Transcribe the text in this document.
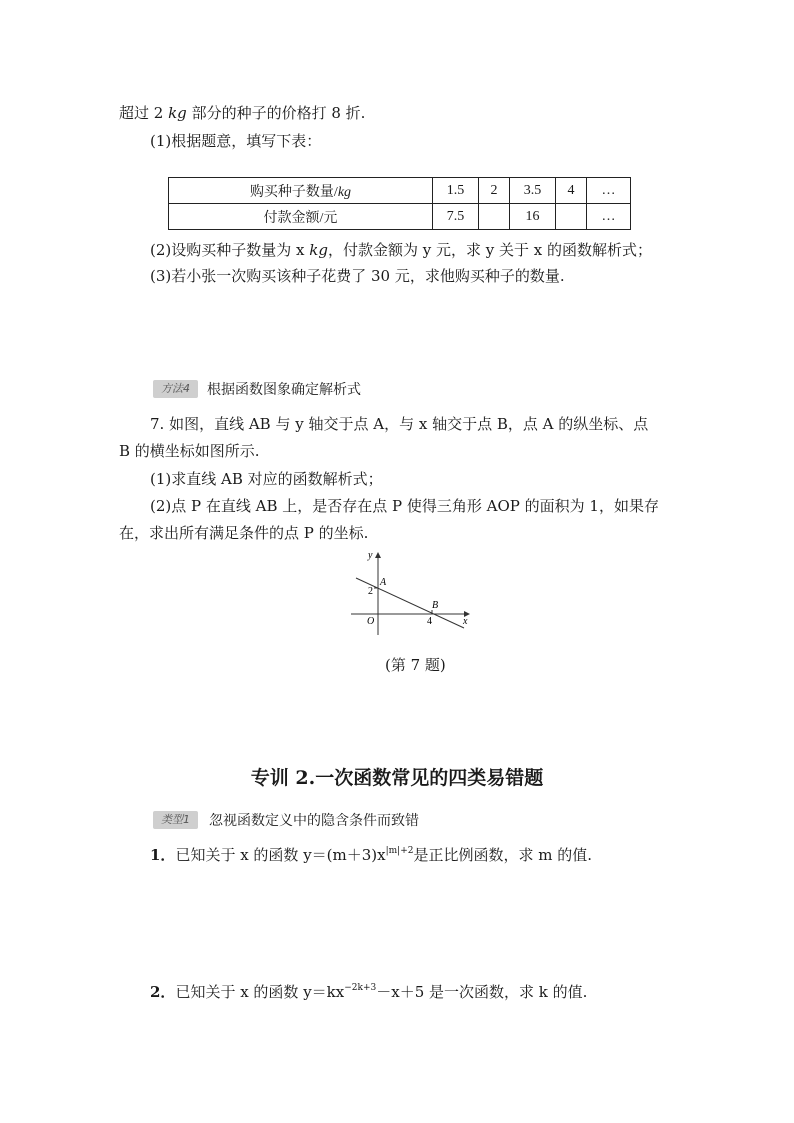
超过 2 kg 部分的种子的价格打 8 折.
(1)根据题意，填写下表：
购买种子数量/kg	1.5	2	3.5	4	…
付款金额/元	7.5		16		…
(2)设购买种子数量为 x kg，付款金额为 y 元，求 y 关于 x 的函数解析式；
(3)若小张一次购买该种子花费了 30 元，求他购买种子的数量.
方法4	根据函数图象确定解析式
7. 如图，直线 AB 与 y 轴交于点 A，与 x 轴交于点 B，点 A 的纵坐标、点
B 的横坐标如图所示.
(1)求直线 AB 对应的函数解析式；
(2)点 P 在直线 AB 上，是否存在点 P 使得三角形 AOP 的面积为 1，如果存
在，求出所有满足条件的点 P 的坐标.
y
x
O
A
B
2
4
(第 7 题)
专训 2.一次函数常见的四类易错题
类型1	忽视函数定义中的隐含条件而致错
1．已知关于 x 的函数 $y=(m+3)x^{|m|+2}$是正比例函数，求 m 的值.
2．已知关于 x 的函数 $y=kx^{-2k+3}-x+5$ 是一次函数，求 k 的值.
